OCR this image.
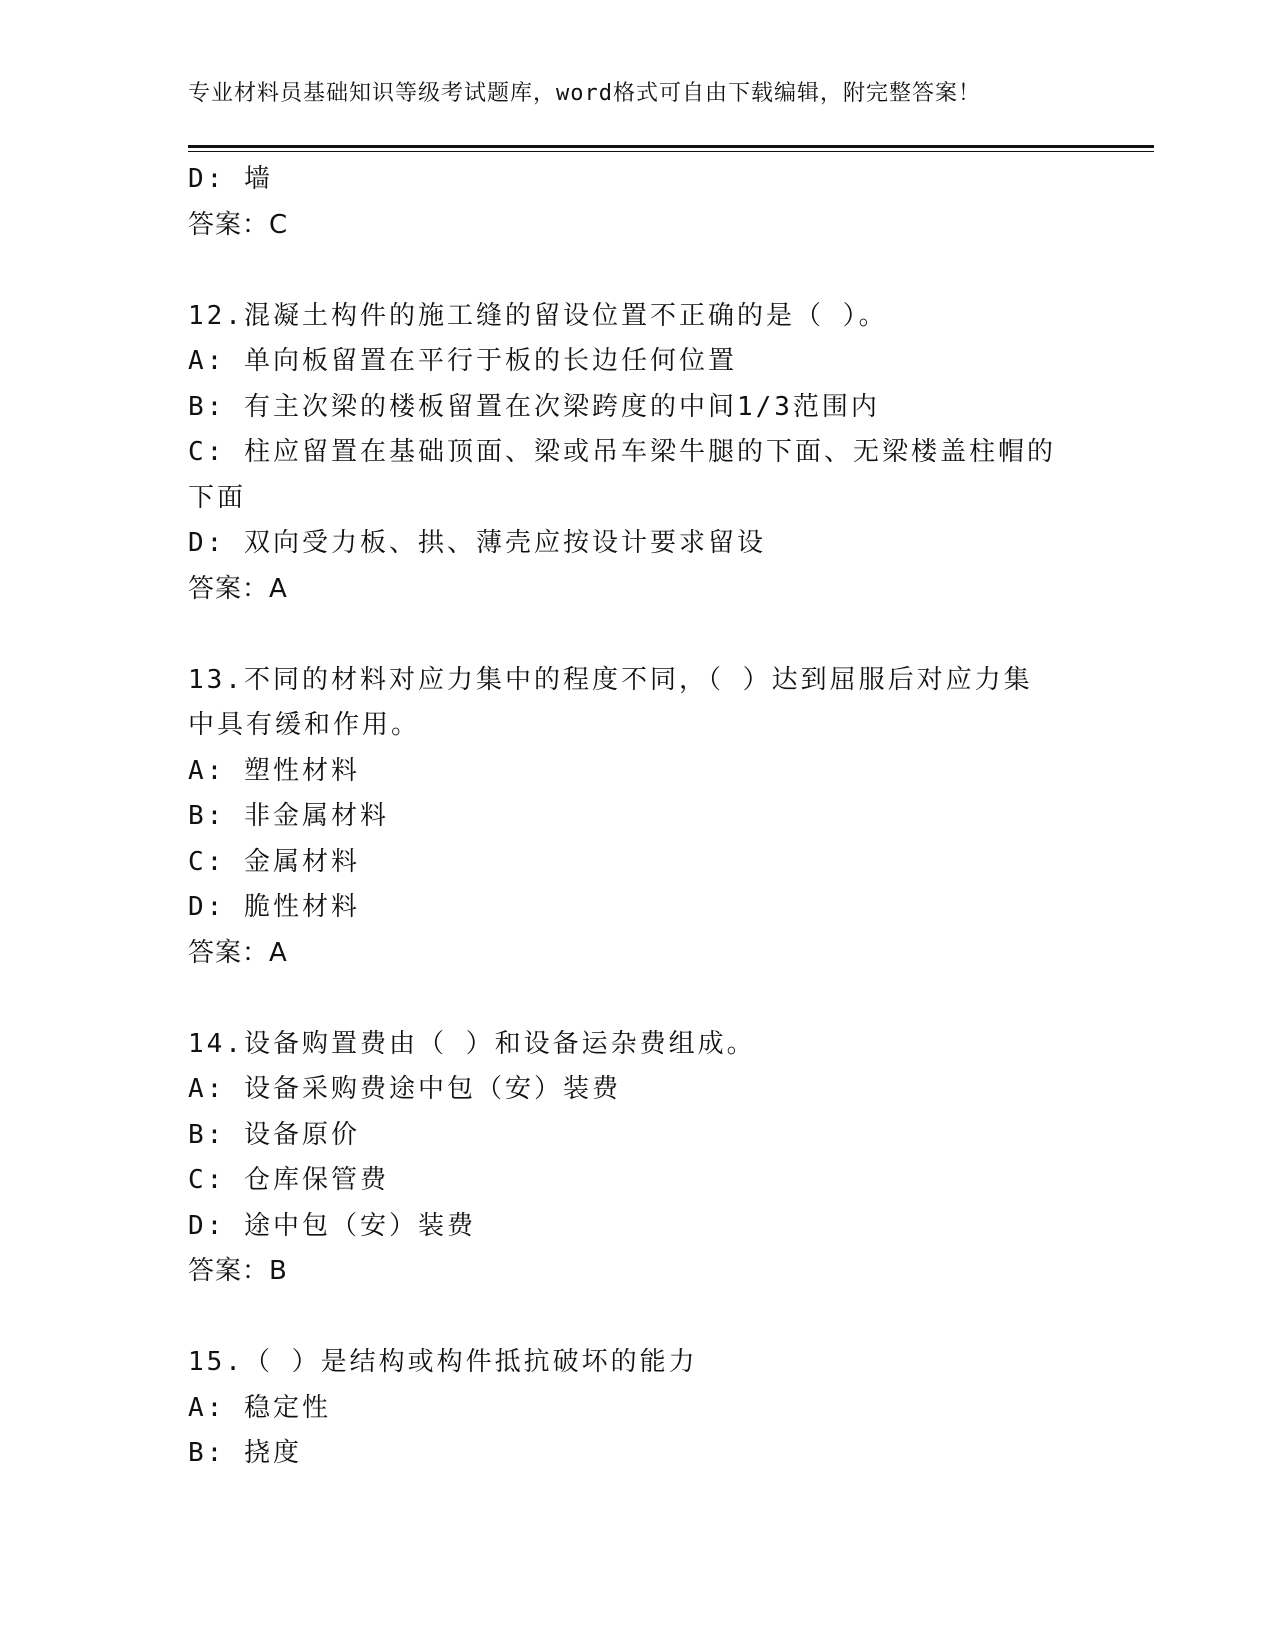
专业材料员基础知识等级考试题库，word格式可自由下载编辑，附完整答案！
D: 墙
答案：C
12.混凝土构件的施工缝的留设位置不正确的是（ ）。
A: 单向板留置在平行于板的长边任何位置
B: 有主次梁的楼板留置在次梁跨度的中间1/3范围内
C: 柱应留置在基础顶面、梁或吊车梁牛腿的下面、无梁楼盖柱帽的下面
D: 双向受力板、拱、薄壳应按设计要求留设
答案：A
13.不同的材料对应力集中的程度不同，（ ）达到屈服后对应力集中具有缓和作用。
A: 塑性材料
B: 非金属材料
C: 金属材料
D: 脆性材料
答案：A
14.设备购置费由（ ）和设备运杂费组成。
A: 设备采购费途中包（安）装费
B: 设备原价
C: 仓库保管费
D: 途中包（安）装费
答案：B
15.（ ）是结构或构件抵抗破坏的能力
A: 稳定性
B: 挠度
